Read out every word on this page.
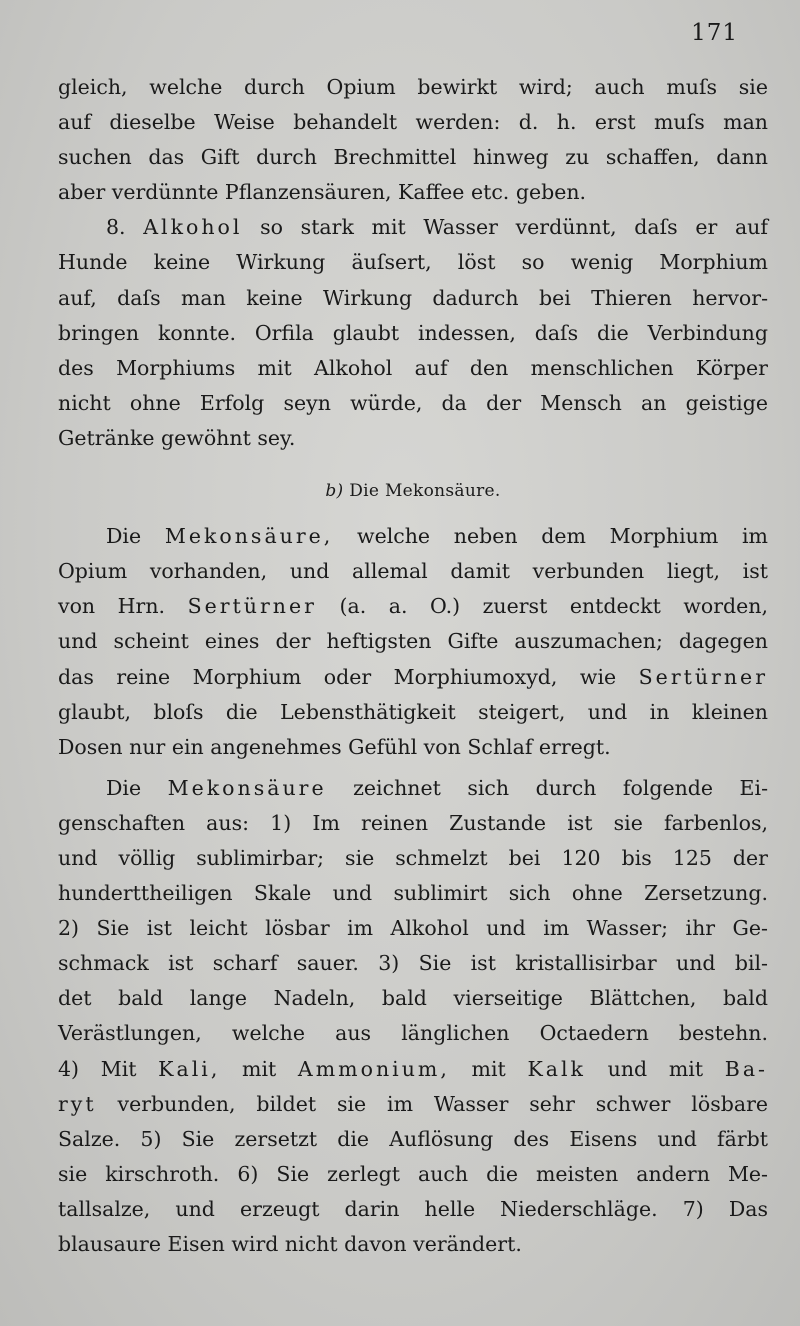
171
gleich, welche durch Opium bewirkt wird; auch muſs sie
auf dieselbe Weise behandelt werden: d. h. erst muſs man
suchen das Gift durch Brechmittel hinweg zu schaffen, dann
aber verdünnte Pflanzensäuren, Kaffee etc. geben.
8. Alkohol so stark mit Wasser verdünnt, daſs er auf
Hunde keine Wirkung äuſsert, löst so wenig Morphium
auf, daſs man keine Wirkung dadurch bei Thieren hervor-
bringen konnte. Orfila glaubt indessen, daſs die Verbindung
des Morphiums mit Alkohol auf den menschlichen Körper
nicht ohne Erfolg seyn würde, da der Mensch an geistige
Getränke gewöhnt sey.
b) Die Mekonsäure.
Die Mekonsäure, welche neben dem Morphium im
Opium vorhanden, und allemal damit verbunden liegt, ist
von Hrn. Sertürner (a. a. O.) zuerst entdeckt worden,
und scheint eines der heftigsten Gifte auszumachen; dagegen
das reine Morphium oder Morphiumoxyd, wie Sertürner
glaubt, bloſs die Lebensthätigkeit steigert, und in kleinen
Dosen nur ein angenehmes Gefühl von Schlaf erregt.
Die Mekonsäure zeichnet sich durch folgende Ei-
genschaften aus: 1) Im reinen Zustande ist sie farbenlos,
und völlig sublimirbar; sie schmelzt bei 120 bis 125 der
hunderttheiligen Skale und sublimirt sich ohne Zersetzung.
2) Sie ist leicht lösbar im Alkohol und im Wasser; ihr Ge-
schmack ist scharf sauer. 3) Sie ist kristallisirbar und bil-
det bald lange Nadeln, bald vierseitige Blättchen, bald
Verästlungen, welche aus länglichen Octaedern bestehn.
4) Mit Kali, mit Ammonium, mit Kalk und mit Ba-
ryt verbunden, bildet sie im Wasser sehr schwer lösbare
Salze. 5) Sie zersetzt die Auflösung des Eisens und färbt
sie kirschroth. 6) Sie zerlegt auch die meisten andern Me-
tallsalze, und erzeugt darin helle Niederschläge. 7) Das
blausaure Eisen wird nicht davon verändert.
